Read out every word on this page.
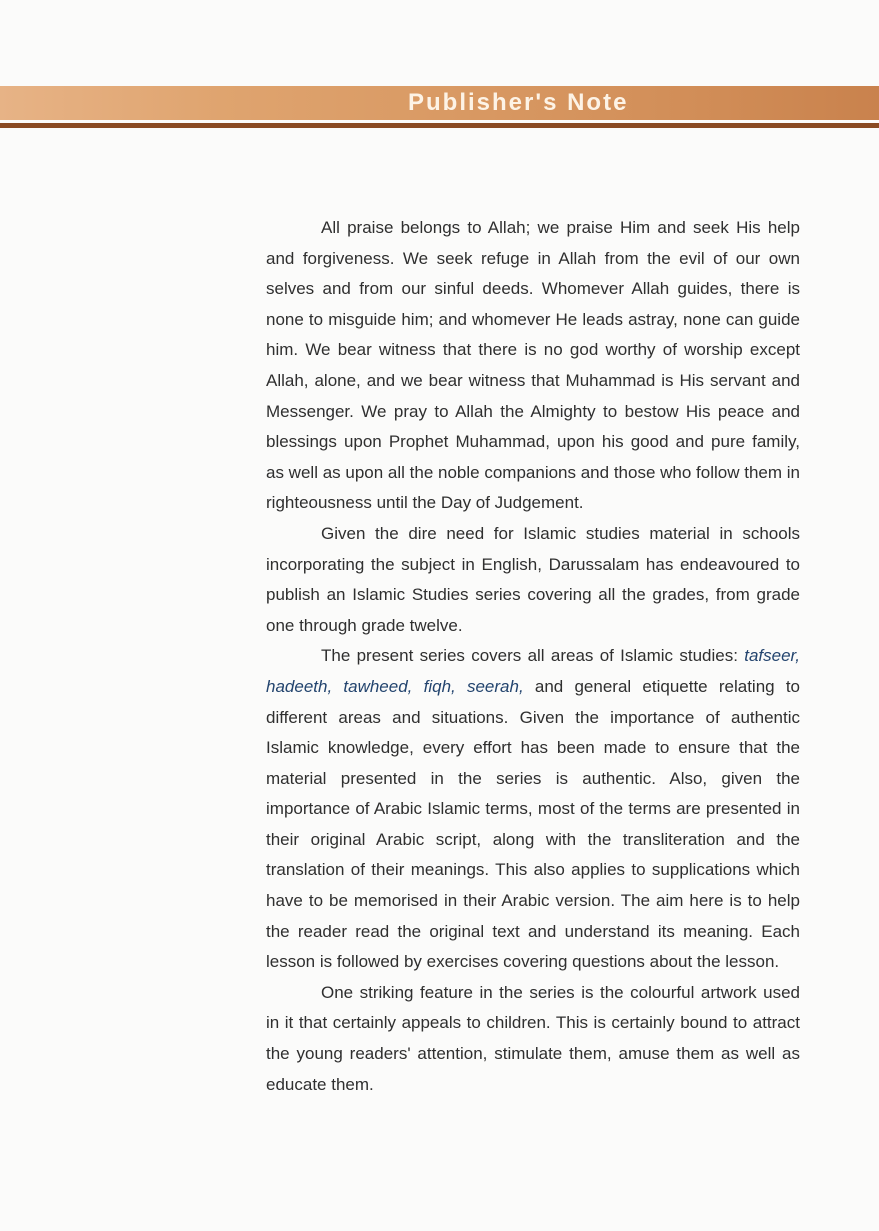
Publisher's Note

All praise belongs to Allah; we praise Him and seek His help and forgiveness. We seek refuge in Allah from the evil of our own selves and from our sinful deeds. Whomever Allah guides, there is none to misguide him; and whomever He leads astray, none can guide him. We bear witness that there is no god worthy of worship except Allah, alone, and we bear witness that Muhammad is His servant and Messenger. We pray to Allah the Almighty to bestow His peace and blessings upon Prophet Muhammad, upon his good and pure family, as well as upon all the noble companions and those who follow them in righteousness until the Day of Judgement.

Given the dire need for Islamic studies material in schools incorporating the subject in English, Darussalam has endeavoured to publish an Islamic Studies series covering all the grades, from grade one through grade twelve.

The present series covers all areas of Islamic studies: tafseer, hadeeth, tawheed, fiqh, seerah, and general etiquette relating to different areas and situations. Given the importance of authentic Islamic knowledge, every effort has been made to ensure that the material presented in the series is authentic. Also, given the importance of Arabic Islamic terms, most of the terms are presented in their original Arabic script, along with the transliteration and the translation of their meanings. This also applies to supplications which have to be memorised in their Arabic version. The aim here is to help the reader read the original text and understand its meaning. Each lesson is followed by exercises covering questions about the lesson.

One striking feature in the series is the colourful artwork used in it that certainly appeals to children. This is certainly bound to attract the young readers' attention, stimulate them, amuse them as well as educate them.
